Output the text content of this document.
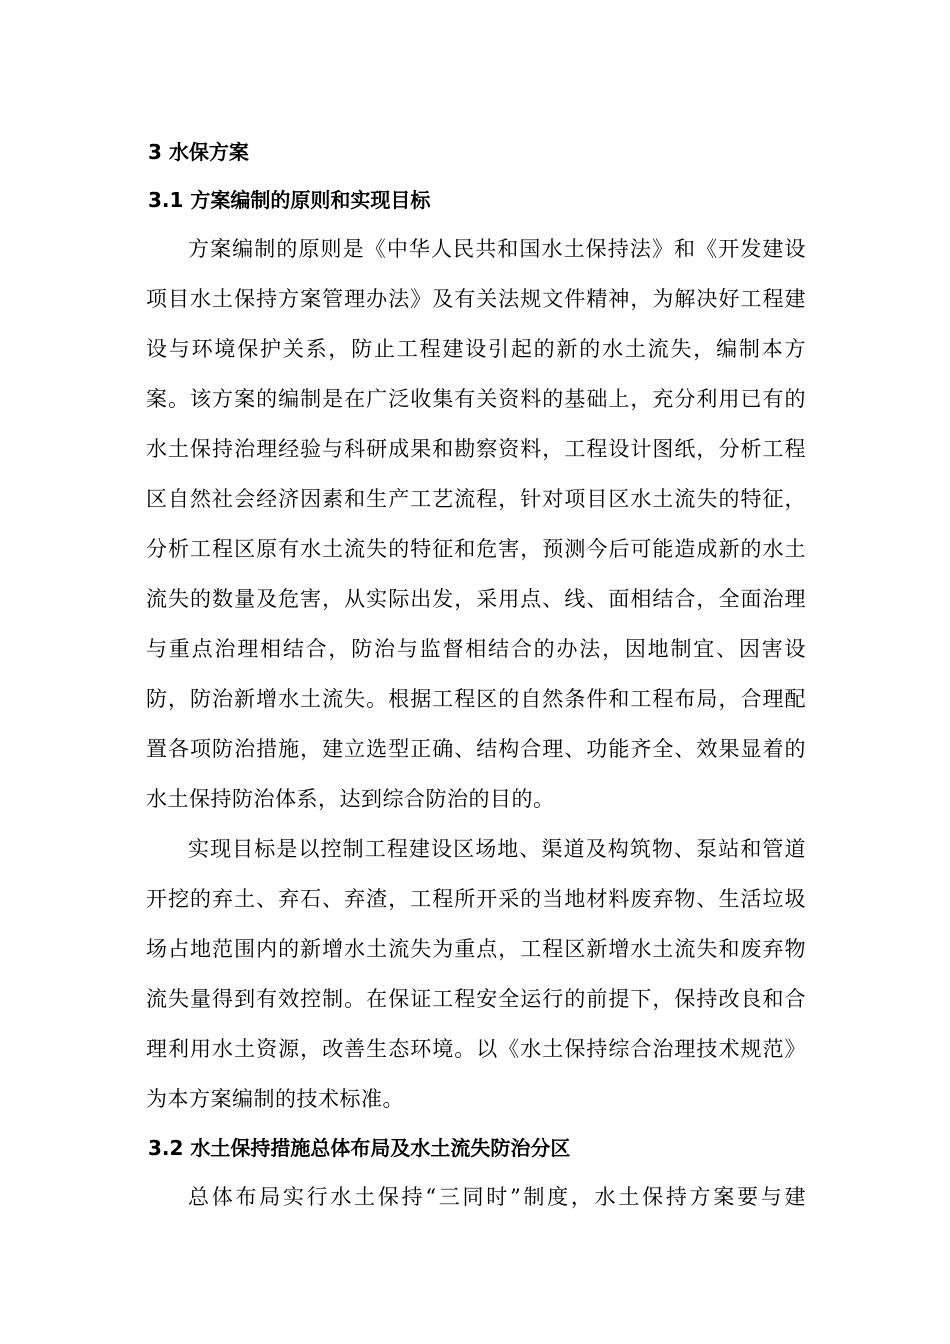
3 水保方案
3.1 方案编制的原则和实现目标

方案编制的原则是《中华人民共和国水土保持法》和《开发建设项目水土保持方案管理办法》及有关法规文件精神，为解决好工程建设与环境保护关系，防止工程建设引起的新的水土流失，编制本方案。该方案的编制是在广泛收集有关资料的基础上，充分利用已有的水土保持治理经验与科研成果和勘察资料，工程设计图纸，分析工程区自然社会经济因素和生产工艺流程，针对项目区水土流失的特征，分析工程区原有水土流失的特征和危害，预测今后可能造成新的水土流失的数量及危害，从实际出发，采用点、线、面相结合，全面治理与重点治理相结合，防治与监督相结合的办法，因地制宜、因害设防，防治新增水土流失。根据工程区的自然条件和工程布局，合理配置各项防治措施，建立选型正确、结构合理、功能齐全、效果显着的水土保持防治体系，达到综合防治的目的。

实现目标是以控制工程建设区场地、渠道及构筑物、泵站和管道开挖的弃土、弃石、弃渣，工程所开采的当地材料废弃物、生活垃圾场占地范围内的新增水土流失为重点，工程区新增水土流失和废弃物流失量得到有效控制。在保证工程安全运行的前提下，保持改良和合理利用水土资源，改善生态环境。以《水土保持综合治理技术规范》为本方案编制的技术标准。

3.2 水土保持措施总体布局及水土流失防治分区

总体布局实行水土保持“三同时”制度，水土保持方案要与建
